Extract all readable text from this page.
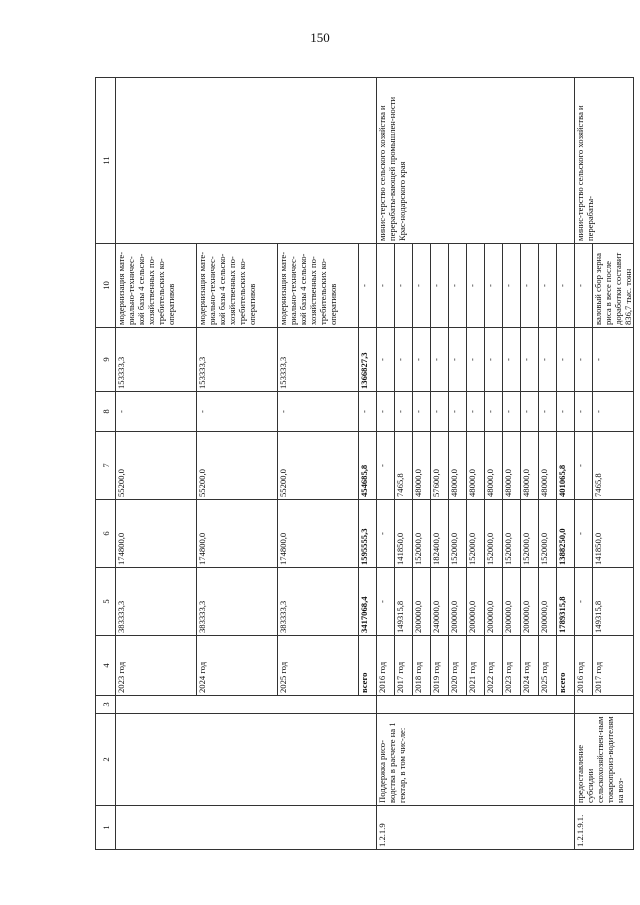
150
1	2	3	4	5	6	7	8	9	10	11
			2023 год	383333,3	174800,0	55200,0	-	153333,3	модернизация мате-риально-техничес-кой базы 4 сельско-хозяйственных по-требительских ко-оперативов	
			2024 год	383333,3	174800,0	55200,0	-	153333,3	модернизация мате-риально-техничес-кой базы 4 сельско-хозяйственных по-требительских ко-оперативов	
			2025 год	383333,3	174800,0	55200,0	-	153333,3	модернизация мате-риально-техничес-кой базы 4 сельско-хозяйственных по-требительских ко-оперативов	
			всего	3417068,4	1595555,3	454685,8	-	1366827,3	-	
1.2.1.9	Поддержка рисо-водства в расчете на 1 гектар, в том чис-ле:		2016 год	-	-	-	-	-	-	минис-терство сельского хозяйства и перерабаты-вающей промышлен-ности Крас-нодарского края
			2017 год	149315,8	141850,0	7465,8	-	-	-	
			2018 год	200000,0	152000,0	48000,0	-	-	-	
			2019 год	240000,0	182400,0	57600,0	-	-	-	
			2020 год	200000,0	152000,0	48000,0	-	-	-	
			2021 год	200000,0	152000,0	48000,0	-	-	-	
			2022 год	200000,0	152000,0	48000,0	-	-	-	
			2023 год	200000,0	152000,0	48000,0	-	-	-	
			2024 год	200000,0	152000,0	48000,0	-	-	-	
			2025 год	200000,0	152000,0	48000,0	-	-	-	
			всего	1789315,8	1388250,0	401065,8	-	-	-	
1.2.1.9.1.	предоставление субсидии сельскохозяйствен-ным товаропроиз-водителям на воз-		2016 год	-	-	-	-	-	-	минис-терство сельского хозяйства и перерабаты-
			2017 год	149315,8	141850,0	7465,8	-	-	валовый сбор зерна риса в весе после доработки составит 836,7 тыс. тонн	
